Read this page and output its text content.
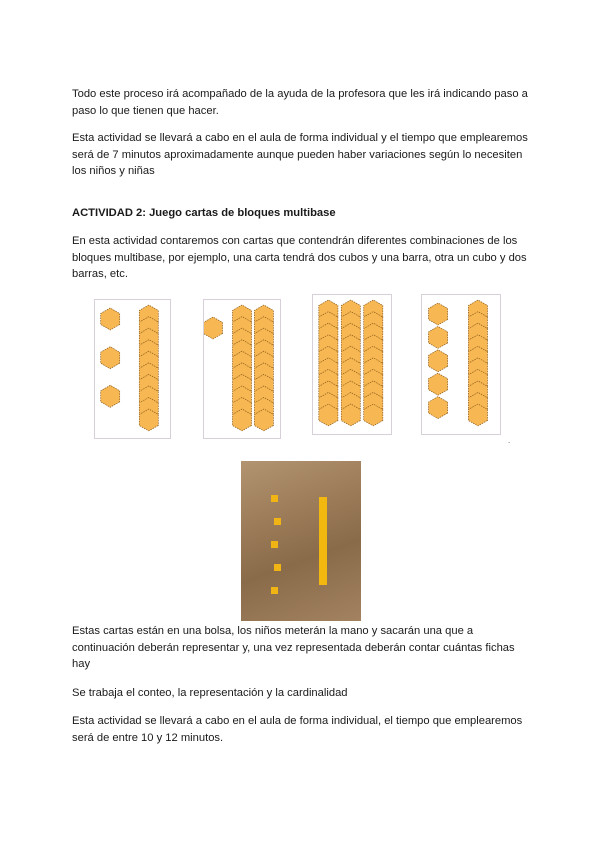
Todo este proceso irá acompañado de la ayuda de la profesora que les irá indicando paso a paso lo que tienen que hacer.

Esta actividad se llevará a cabo en el aula de forma individual y el tiempo que emplearemos será de 7 minutos aproximadamente aunque pueden haber variaciones según lo necesiten los niños y niñas

ACTIVIDAD 2: Juego cartas de bloques multibase

En esta actividad contaremos con cartas que contendrán diferentes combinaciones de los bloques multibase, por ejemplo, una carta tendrá dos cubos y una barra, otra un cubo y dos barras, etc.

.

Estas cartas están en una bolsa, los niños meterán la mano y sacarán una que a continuación deberán representar y, una vez representada deberán contar cuántas fichas hay

Se trabaja el conteo, la representación y la cardinalidad

Esta actividad se llevará a cabo en el aula de forma individual, el tiempo que emplearemos será de entre 10 y 12 minutos.
